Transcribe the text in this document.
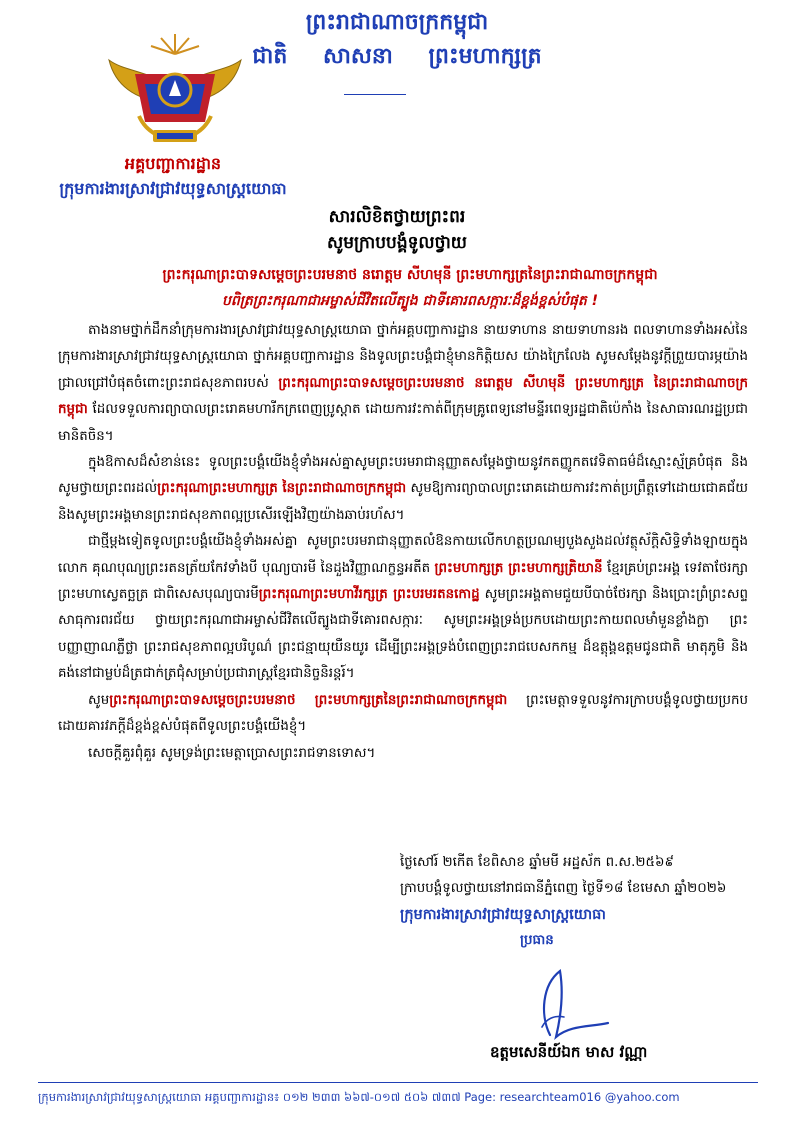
ព្រះរាជាណាចក្រកម្ពុជា
ជាតិ សាសនា ព្រះមហាក្សត្រ
អគ្គបញ្ជាការដ្ឋាន
ក្រុមការងារស្រាវជ្រាវយុទ្ធសាស្ត្រយោធា
សារលិខិតថ្វាយព្រះពរ
សូមក្រាបបង្គំទូលថ្វាយ
ព្រះករុណាព្រះបាទសម្តេចព្រះបរមនាថ នរោត្តម សីហមុនី ព្រះមហាក្សត្រនៃព្រះរាជាណាចក្រកម្ពុជា
បពិត្រព្រះករុណាជាអម្ចាស់ជីវិតលើត្បូង ជាទីគោរពសក្ការៈដ៏ខ្ពង់ខ្ពស់បំផុត !

តាងនាមថ្នាក់ដឹកនាំក្រុមការងារស្រាវជ្រាវយុទ្ធសាស្ត្រយោធា ថ្នាក់អគ្គបញ្ជាការដ្ឋាន នាយទាហាន នាយទាហានរង ពលទាហានទាំងអស់នៃក្រុមការងារស្រាវជ្រាវយុទ្ធសាស្ត្រយោធា ថ្នាក់អគ្គបញ្ជាការដ្ឋាន និងទូលព្រះបង្គំជាខ្ញុំមានកិត្តិយស យ៉ាងក្រៃលែង សូមសម្តែងនូវក្តីព្រួយបារម្ភយ៉ាងជ្រាលជ្រៅបំផុតចំពោះព្រះរាជសុខភាពរបស់ ព្រះករុណាព្រះបាទសម្តេចព្រះបរមនាថ នរោត្តម សីហមុនី ព្រះមហាក្សត្រ នៃព្រះរាជាណាចក្រកម្ពុជា ដែលទទួលការព្យាបាលព្រះរោគមហារីកក្រពេញប្រូស្តាត ដោយការវះកាត់ពីក្រុមគ្រូពេទ្យនៅមន្ទីរពេទ្យរដ្ឋជាតិប៉េកាំង នៃសាធារណរដ្ឋប្រជាមានិតចិន។

ក្នុងឱកាសដ៏សំខាន់នេះ ទូលព្រះបង្គំយើងខ្ញុំទាំងអស់គ្នាសូមព្រះបរមរាជានុញ្ញាតសម្តែងថ្វាយនូវកតញ្ញូកតវេទិតាធម៌ដ៏ស្មោះស្ម័គ្របំផុត និងសូមថ្វាយព្រះពរដល់ព្រះករុណាព្រះមហាក្សត្រ នៃព្រះរាជាណាចក្រកម្ពុជា សូមឱ្យការព្យាបាលព្រះរោគដោយការវះកាត់ប្រព្រឹត្តទៅដោយជោគជ័យនិងសូមព្រះអង្គមានព្រះរាជសុខភាពល្អប្រសើរឡើងវិញយ៉ាងឆាប់រហ័ស។

ជាថ្មីម្តងទៀតទូលព្រះបង្គំយើងខ្ញុំទាំងអស់គ្នា សូមព្រះបរមរាជានុញ្ញាតលំឱនកាយលើកហត្ថប្រណម្យបួងសួងដល់វត្ថុស័ក្តិសិទ្ធិទាំងឡាយក្នុងលោក គុណបុណ្យព្រះរតនត្រ័យកែវទាំងបី បុណ្យបារមី នៃដួងវិញ្ញាណក្ខន្ធអតីត ព្រះមហាក្សត្រ ព្រះមហាក្សត្រិយានី ខ្មែរគ្រប់ព្រះអង្គ ទេវតាថែរក្សាព្រះមហាស្វេតច្ឆត្រ ជាពិសេសបុណ្យបារមីព្រះករុណាព្រះមហាវីរក្សត្រ ព្រះបរមរតនកោដ្ឋ សូមព្រះអង្គតាមជួយបីបាច់ថែរក្សា និងប្រោះព្រំព្រះសព្ទសាធុការពរជ័យ ថ្វាយព្រះករុណាជាអម្ចាស់ជីវិតលើត្បូងជាទីគោរពសក្ការៈ សូមព្រះអង្គទ្រង់ប្រកបដោយព្រះកាយពលមាំមួនខ្លាំងក្លា ព្រះបញ្ញាញាណភ្លឺថ្លា ព្រះរាជសុខភាពល្អបរិបូណ៌ ព្រះជន្មាយុយឺនយូរ ដើម្បីព្រះអង្គទ្រង់បំពេញព្រះរាជបេសកកម្ម ដ៏ឧត្តុង្គឧត្តមជូនជាតិ មាតុភូមិ និងគង់នៅជាម្លប់ដ៏ត្រជាក់ត្រជុំសម្រាប់ប្រជារាស្ត្រខ្មែរជានិច្ចនិរន្តរ៍។

សូមព្រះករុណាព្រះបាទសម្តេចព្រះបរមនាថ ព្រះមហាក្សត្រនៃព្រះរាជាណាចក្រកម្ពុជា ព្រះមេត្តាទទួលនូវការក្រាបបង្គំទូលថ្វាយប្រកបដោយគារវភក្តីដ៏ខ្ពង់ខ្ពស់បំផុតពីទូលព្រះបង្គំយើងខ្ញុំ។

សេចក្តីគួរពុំគួរ សូមទ្រង់ព្រះមេត្តាប្រោសព្រះរាជទានទោស។

ថ្ងៃសៅរ៍ ២កើត ខែពិសាខ ឆ្នាំមមី អដ្ឋស័ក ព.ស.២៥៦៩
ក្រាបបង្គំទូលថ្វាយនៅរាជធានីភ្នំពេញ ថ្ងៃទី១៨ ខែមេសា ឆ្នាំ២០២៦
ក្រុមការងារស្រាវជ្រាវយុទ្ធសាស្ត្រយោធា
ប្រធាន
ឧត្តមសេនីយ៍ឯក មាស វណ្ណា
ក្រុមការងារស្រាវជ្រាវយុទ្ធសាស្ត្រយោធា អគ្គបញ្ជាការដ្ឋាន៖ ០១២ ២៣៣ ៦៦៧-០១៧ ៥០៦ ៧៣៧ Page: researchteam016 @yahoo.com
